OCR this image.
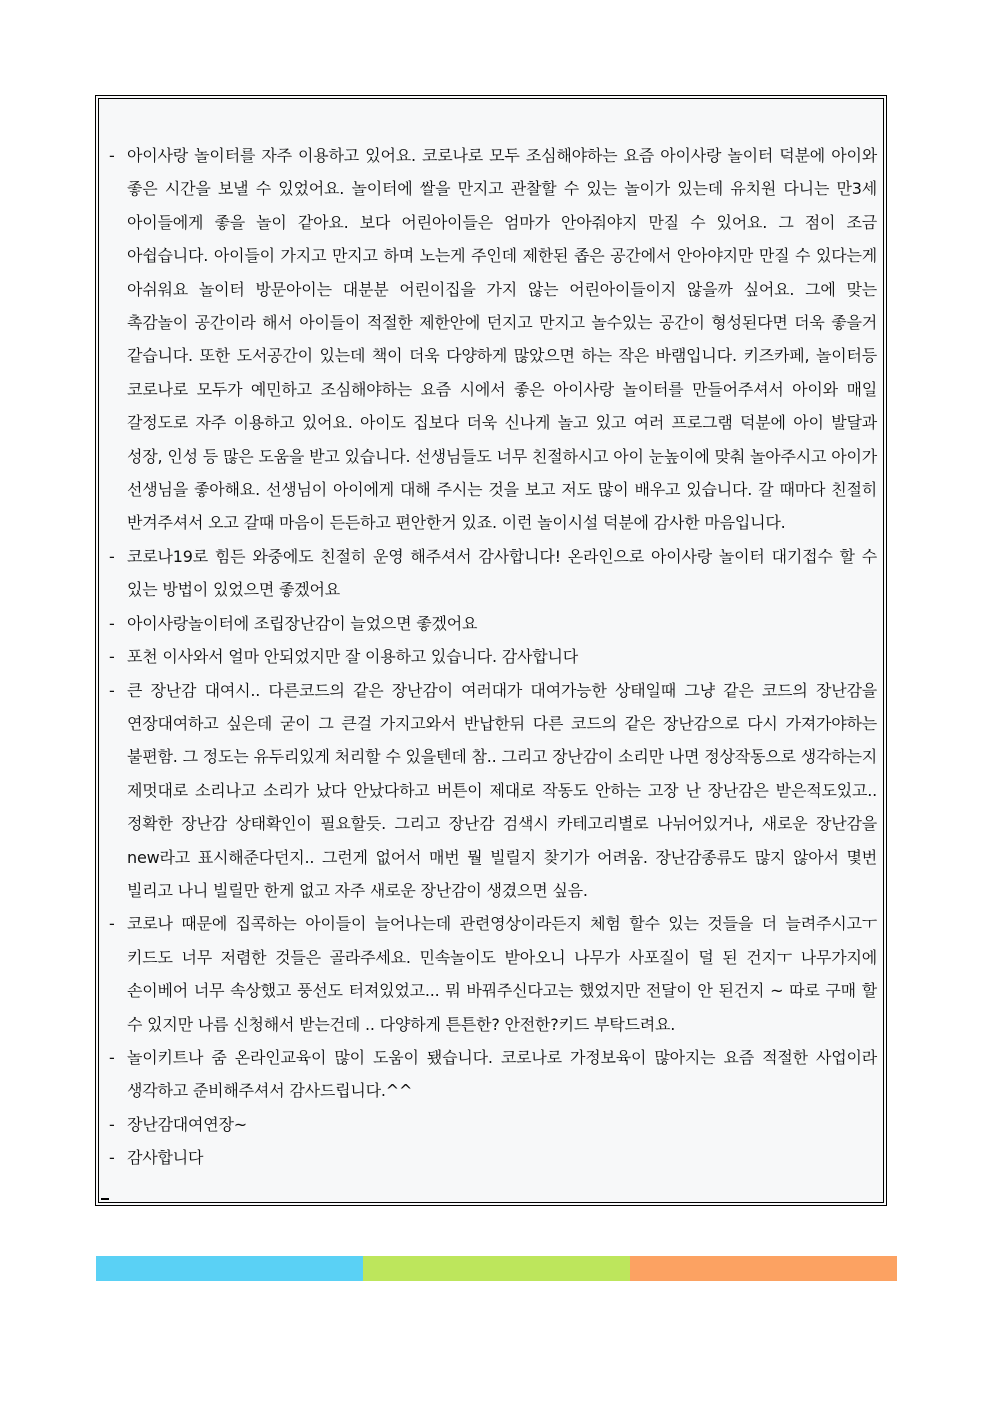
- 아이사랑 놀이터를 자주 이용하고 있어요. 코로나로 모두 조심해야하는 요즘 아이사랑 놀이터 덕분에 아이와 좋은 시간을 보낼 수 있었어요. 놀이터에 쌀을 만지고 관찰할 수 있는 놀이가 있는데 유치원 다니는 만3세 아이들에게 좋을 놀이 같아요. 보다 어린아이들은 엄마가 안아줘야지 만질 수 있어요. 그 점이 조금 아쉽습니다. 아이들이 가지고 만지고 하며 노는게 주인데 제한된 좁은 공간에서 안아야지만 만질 수 있다는게 아쉬워요 놀이터 방문아이는 대분분 어린이집을 가지 않는 어린아이들이지 않을까 싶어요. 그에 맞는 촉감놀이 공간이라 해서 아이들이 적절한 제한안에 던지고 만지고 놀수있는 공간이 형성된다면 더욱 좋을거 같습니다. 또한 도서공간이 있는데 책이 더욱 다양하게 많았으면 하는 작은 바램입니다. 키즈카페, 놀이터등 코로나로 모두가 예민하고 조심해야하는 요즘 시에서 좋은 아이사랑 놀이터를 만들어주셔서 아이와 매일 갈정도로 자주 이용하고 있어요. 아이도 집보다 더욱 신나게 놀고 있고 여러 프로그램 덕분에 아이 발달과 성장, 인성 등 많은 도움을 받고 있습니다. 선생님들도 너무 친절하시고 아이 눈높이에 맞춰 놀아주시고 아이가 선생님을 좋아해요. 선생님이 아이에게 대해 주시는 것을 보고 저도 많이 배우고 있습니다. 갈 때마다 친절히 반겨주셔서 오고 갈때 마음이 든든하고 편안한거 있죠. 이런 놀이시설 덕분에 감사한 마음입니다.
- 코로나19로 힘든 와중에도 친절히 운영 해주셔서 감사합니다! 온라인으로 아이사랑 놀이터 대기접수 할 수 있는 방법이 있었으면 좋겠어요
- 아이사랑놀이터에 조립장난감이 늘었으면 좋겠어요
- 포천 이사와서 얼마 안되었지만 잘 이용하고 있습니다. 감사합니다
- 큰 장난감 대여시.. 다른코드의 같은 장난감이 여러대가 대여가능한 상태일때 그냥 같은 코드의 장난감을 연장대여하고 싶은데 굳이 그 큰걸 가지고와서 반납한뒤 다른 코드의 같은 장난감으로 다시 가져가야하는 불편함. 그 정도는 유두리있게 처리할 수 있을텐데 참.. 그리고 장난감이 소리만 나면 정상작동으로 생각하는지 제멋대로 소리나고 소리가 났다 안났다하고 버튼이 제대로 작동도 안하는 고장 난 장난감은 받은적도있고.. 정확한 장난감 상태확인이 필요할듯. 그리고 장난감 검색시 카테고리별로 나뉘어있거나, 새로운 장난감을 new라고 표시해준다던지.. 그런게 없어서 매번 뭘 빌릴지 찾기가 어려움. 장난감종류도 많지 않아서 몇번 빌리고 나니 빌릴만 한게 없고 자주 새로운 장난감이 생겼으면 싶음.
- 코로나 때문에 집콕하는 아이들이 늘어나는데 관련영상이라든지 체험 할수 있는 것들을 더 늘려주시고ㅜ 키드도 너무 저렴한 것들은 골라주세요. 민속놀이도 받아오니 나무가 사포질이 덜 된 건지ㅜ 나무가지에 손이베어 너무 속상했고 풍선도 터져있었고... 뭐 바꿔주신다고는 했었지만 전달이 안 된건지 ~ 따로 구매 할 수 있지만 나름 신청해서 받는건데 .. 다양하게 튼튼한? 안전한?키드 부탁드려요.
- 놀이키트나 줌 온라인교육이 많이 도움이 됐습니다. 코로나로 가정보육이 많아지는 요즘 적절한 사업이라 생각하고 준비해주셔서 감사드립니다.^^
- 장난감대여연장~
- 감사합니다
